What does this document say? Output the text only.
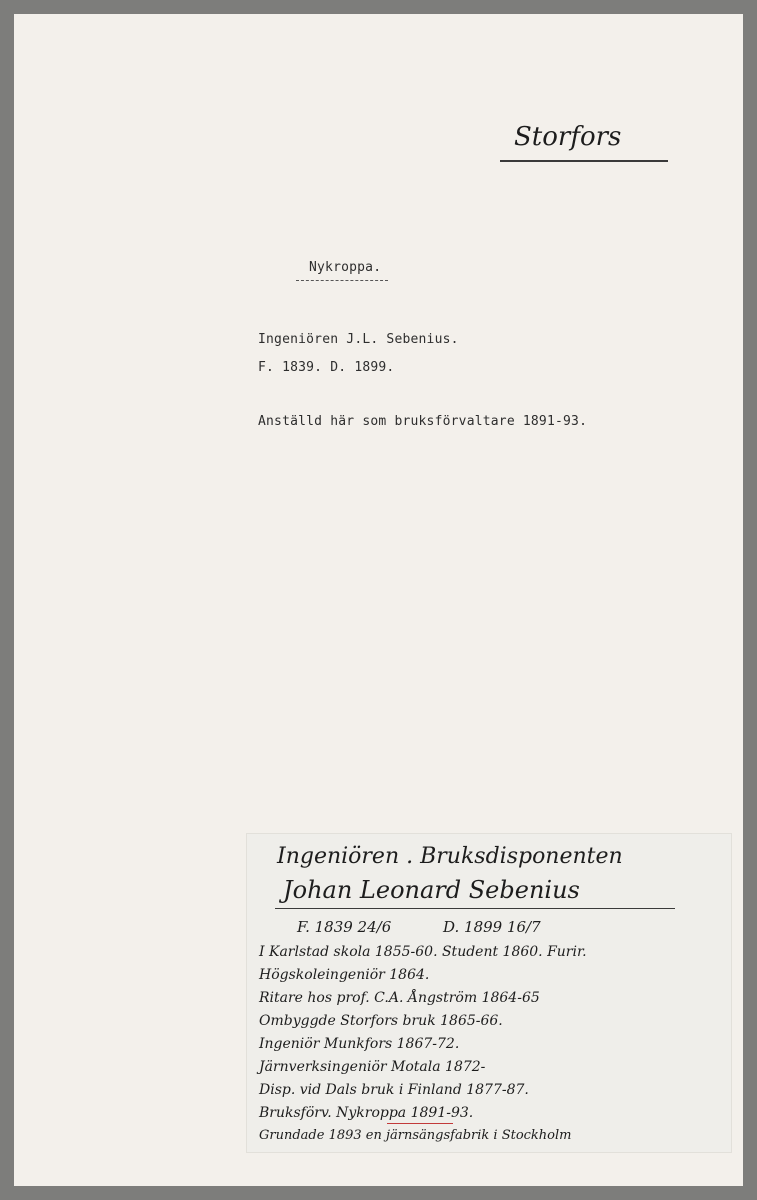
Storfors
Nykroppa.
Ingeniören J.L. Sebenius.
F. 1839. D. 1899.
Anställd här som bruksförvaltare 1891-93.
Ingeniören . Bruksdisponenten
Johan Leonard Sebenius
F. 1839 24/6	D. 1899 16/7
I Karlstad skola 1855-60. Student 1860. Furir.
Högskoleingeniör 1864.
Ritare hos prof. C.A. Ångström 1864-65
Ombyggde Storfors bruk 1865-66.
Ingeniör Munkfors 1867-72.
Järnverksingeniör Motala 1872-
Disp. vid Dals bruk i Finland 1877-87.
Bruksförv. Nykroppa 1891-93.
Grundade 1893 en järnsängsfabrik i Stockholm
